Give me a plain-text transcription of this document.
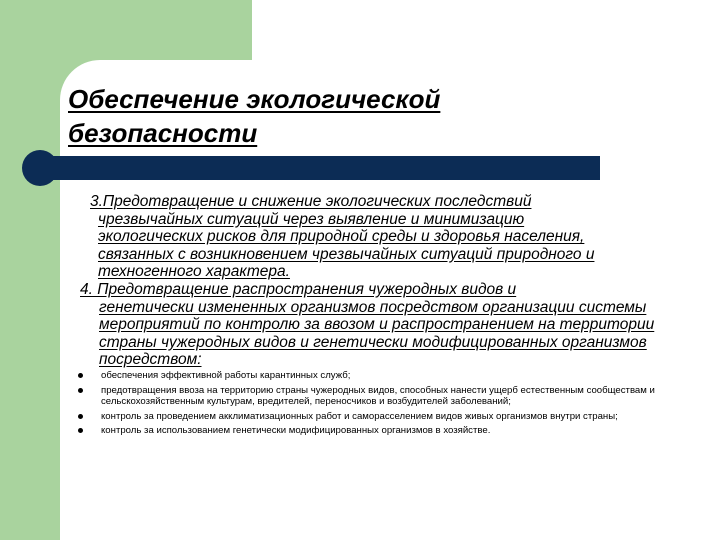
Обеспечение экологической
безопасности
3.Предотвращение и снижение экологических последствий
чрезвычайных ситуаций через выявление и минимизацию экологических рисков для природной среды и здоровья населения, связанных с возникновением чрезвычайных ситуаций природного и техногенного характера.
4. Предотвращение распространения чужеродных видов и
генетически измененных организмов посредством организации системы мероприятий по контролю за ввозом и распространением на территории страны чужеродных видов и генетически модифицированных организмов посредством:
обеспечения эффективной работы карантинных служб;
предотвращения ввоза на территорию страны чужеродных видов, способных нанести ущерб естественным сообществам и сельскохозяйственным культурам, вредителей, переносчиков и возбудителей заболеваний;
контроль за проведением акклиматизационных работ и саморасселением видов живых организмов внутри страны;
контроль за использованием генетически модифицированных организмов в хозяйстве.
